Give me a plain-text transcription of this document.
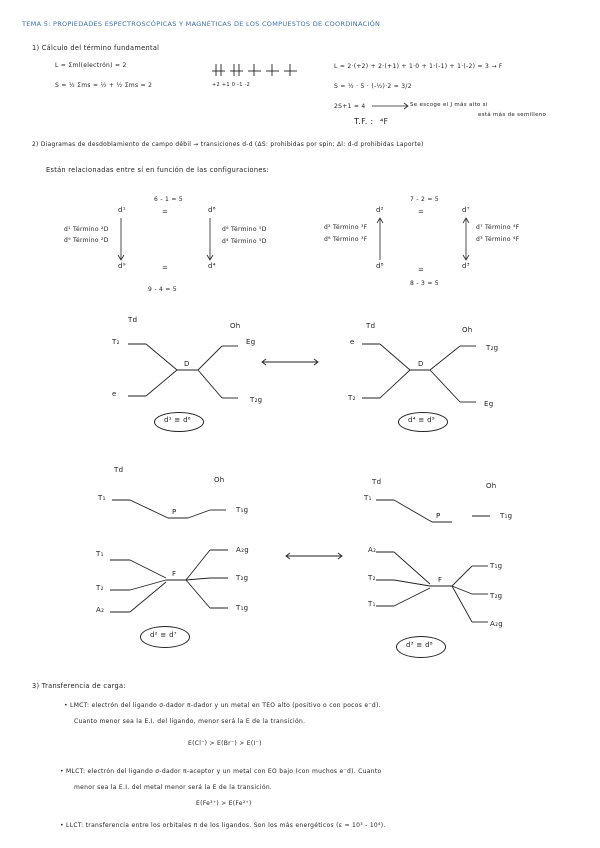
TEMA 5: PROPIEDADES ESPECTROSCÓPICAS Y MAGNÉTICAS DE LOS COMPUESTOS DE COORDINACIÓN
1) Cálculo del término fundamental
L = Σml(electrón) = 2
S = ½ Σms = ½ + ½ Σms = 2	+2 +1 0 -1 -2
L = 2·(+2) + 2·(+1) + 1·0 + 1·(-1) + 1·(-2) = 3 → F
S = ½ · 5 · (-½)·2 = 3/2
2S+1 = 4	Se escoge el J más alto si
está más de semilleno
T.F. : ⁴F
2) Diagramas de desdoblamiento de campo débil → transiciones d-d (ΔS: prohibidas por spin; Δl: d-d prohibidas Laporte)
Están relacionadas entre sí en función de las configuraciones:
6 - 1 = 5
d¹	d⁶
=
d⁹	d⁴
=
9 - 4 = 5
d¹ Término ²D
d⁹ Término ²D
d⁶ Término ⁵D
d⁴ Término ⁵D
7 - 2 = 5
d²	d⁷
=
d⁸	d³
=
8 - 3 = 5
d² Término ³F
d⁸ Término ³F
d⁷ Término ⁴F
d³ Término ⁴F
Td
Oh
T₂
e
D
Eg
T₂g
d¹ ≡ d⁶
Td	Oh
e
T₂
D
T₂g
Eg
d⁴ ≡ d⁹
Td
Oh
T₁
P	T₁g
T₁
T₂
A₂
F
A₂g
T₂g
T₁g
d² ≡ d⁷
T₁
Td	Oh
P	T₁g
A₂
T₂
T₁
F
T₁g
T₂g
A₂g
d³ ≡ d⁸
3) Transferencia de carga:
• LMCT: electrón del ligando σ-dador π-dador y un metal en TEO alto (positivo o con pocos e⁻d).
Cuanto menor sea la E.I. del ligando, menor será la E de la transición.
E(Cl⁻) > E(Br⁻) > E(I⁻)
• MLCT: electrón del ligando σ-dador π-aceptor y un metal con EO bajo (con muchos e⁻d). Cuanto
menor sea la E.I. del metal menor será la E de la transición.
E(Fe³⁺) > E(Fe²⁺)
• LLCT: transferencia entre los orbitales π de los ligandos. Son los más energéticos (ε ≈ 10³ - 10⁴).
